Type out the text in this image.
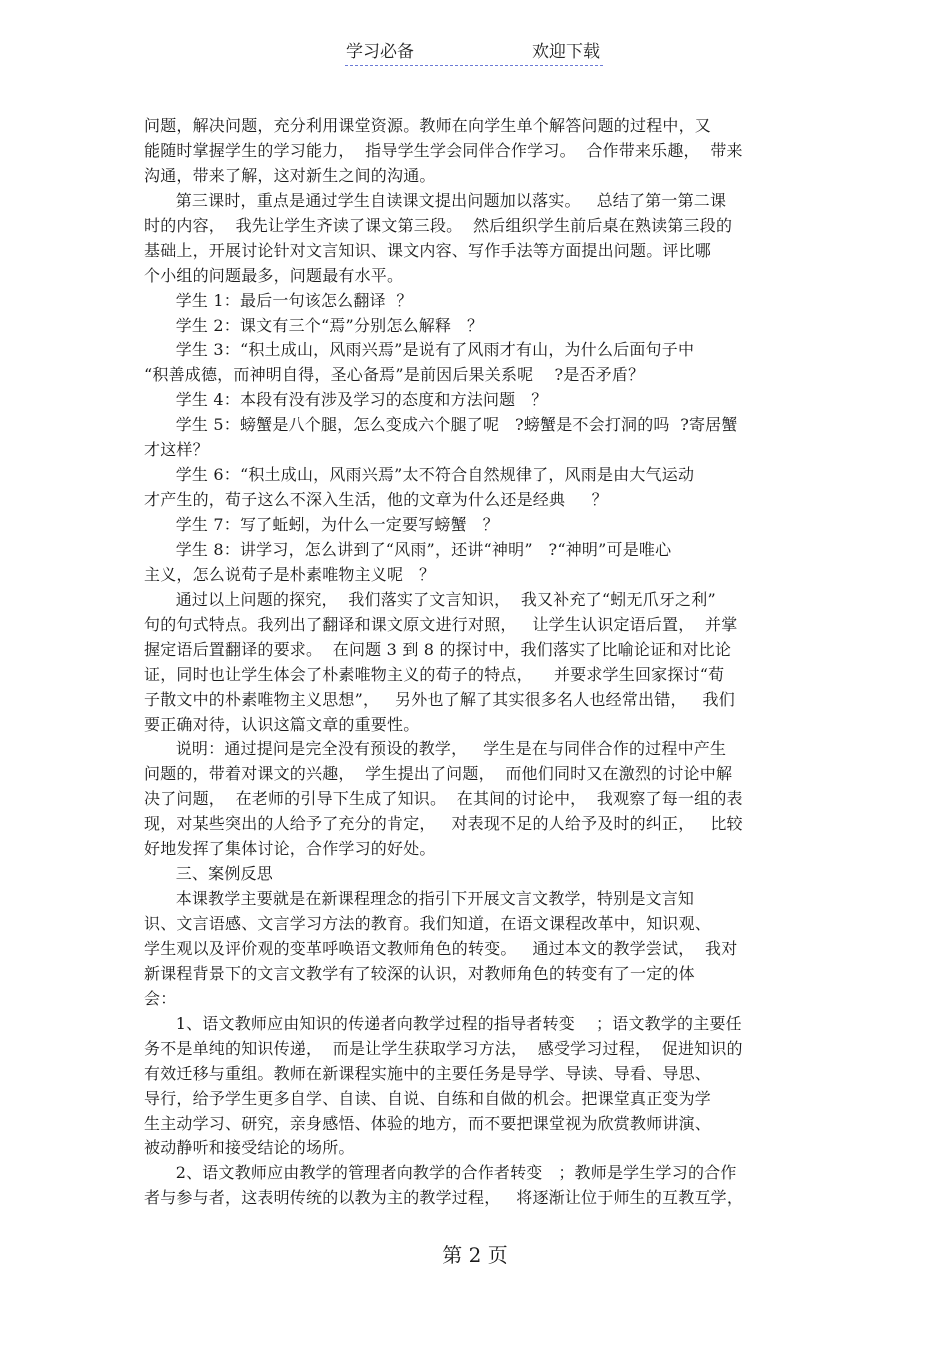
学习必备	欢迎下载
问题，解决问题，充分利用课堂资源。教师在向学生单个解答问题的过程中，又
能随时掌握学生的学习能力，  指导学生学会同伴合作学习。  合作带来乐趣，  带来
沟通，带来了解，这对新生之间的沟通。
第三课时，重点是通过学生自读课文提出问题加以落实。   总结了第一第二课
时的内容，  我先让学生齐读了课文第三段。  然后组织学生前后桌在熟读第三段的
基础上，开展讨论针对文言知识、课文内容、写作手法等方面提出问题。评比哪
个小组的问题最多，问题最有水平。
学生 1：最后一句该怎么翻译  ？
学生 2：课文有三个“焉”分别怎么解释   ？
学生 3：“积土成山，风雨兴焉”是说有了风雨才有山，为什么后面句子中
“积善成德，而神明自得，圣心备焉”是前因后果关系呢    ?是否矛盾？
学生 4：本段有没有涉及学习的态度和方法问题   ？
学生 5：螃蟹是八个腿，怎么变成六个腿了呢   ?螃蟹是不会打洞的吗  ?寄居蟹
才这样？
学生 6：“积土成山，风雨兴焉”太不符合自然规律了，风雨是由大气运动
才产生的，荀子这么不深入生活，他的文章为什么还是经典     ？
学生 7：写了蚯蚓，为什么一定要写螃蟹   ？
学生 8：讲学习，怎么讲到了“风雨”，还讲“神明”   ?“神明”可是唯心
主义，怎么说荀子是朴素唯物主义呢   ？
通过以上问题的探究，  我们落实了文言知识，  我又补充了“蚓无爪牙之利”
句的句式特点。我列出了翻译和课文原文进行对照，   让学生认识定语后置，  并掌
握定语后置翻译的要求。  在问题 3 到 8 的探讨中，我们落实了比喻论证和对比论
证，同时也让学生体会了朴素唯物主义的荀子的特点，    并要求学生回家探讨“荀
子散文中的朴素唯物主义思想”，   另外也了解了其实很多名人也经常出错，   我们
要正确对待，认识这篇文章的重要性。
说明：通过提问是完全没有预设的教学，   学生是在与同伴合作的过程中产生
问题的，带着对课文的兴趣，  学生提出了问题，  而他们同时又在激烈的讨论中解
决了问题，  在老师的引导下生成了知识。  在其间的讨论中，  我观察了每一组的表
现，对某些突出的人给予了充分的肯定，   对表现不足的人给予及时的纠正，   比较
好地发挥了集体讨论，合作学习的好处。
三、案例反思
本课教学主要就是在新课程理念的指引下开展文言文教学，特别是文言知
识、文言语感、文言学习方法的教育。我们知道，在语文课程改革中，知识观、
学生观以及评价观的变革呼唤语文教师角色的转变。   通过本文的教学尝试，  我对
新课程背景下的文言文教学有了较深的认识，对教师角色的转变有了一定的体
会：
1、语文教师应由知识的传递者向教学过程的指导者转变    ；语文教学的主要任
务不是单纯的知识传递，  而是让学生获取学习方法，  感受学习过程，  促进知识的
有效迁移与重组。教师在新课程实施中的主要任务是导学、导读、导看、导思、
导行，给予学生更多自学、自读、自说、自练和自做的机会。把课堂真正变为学
生主动学习、研究，亲身感悟、体验的地方，而不要把课堂视为欣赏教师讲演、
被动静听和接受结论的场所。
2、语文教师应由教学的管理者向教学的合作者转变   ；教师是学生学习的合作
者与参与者，这表明传统的以教为主的教学过程，   将逐渐让位于师生的互教互学，
第 2 页
